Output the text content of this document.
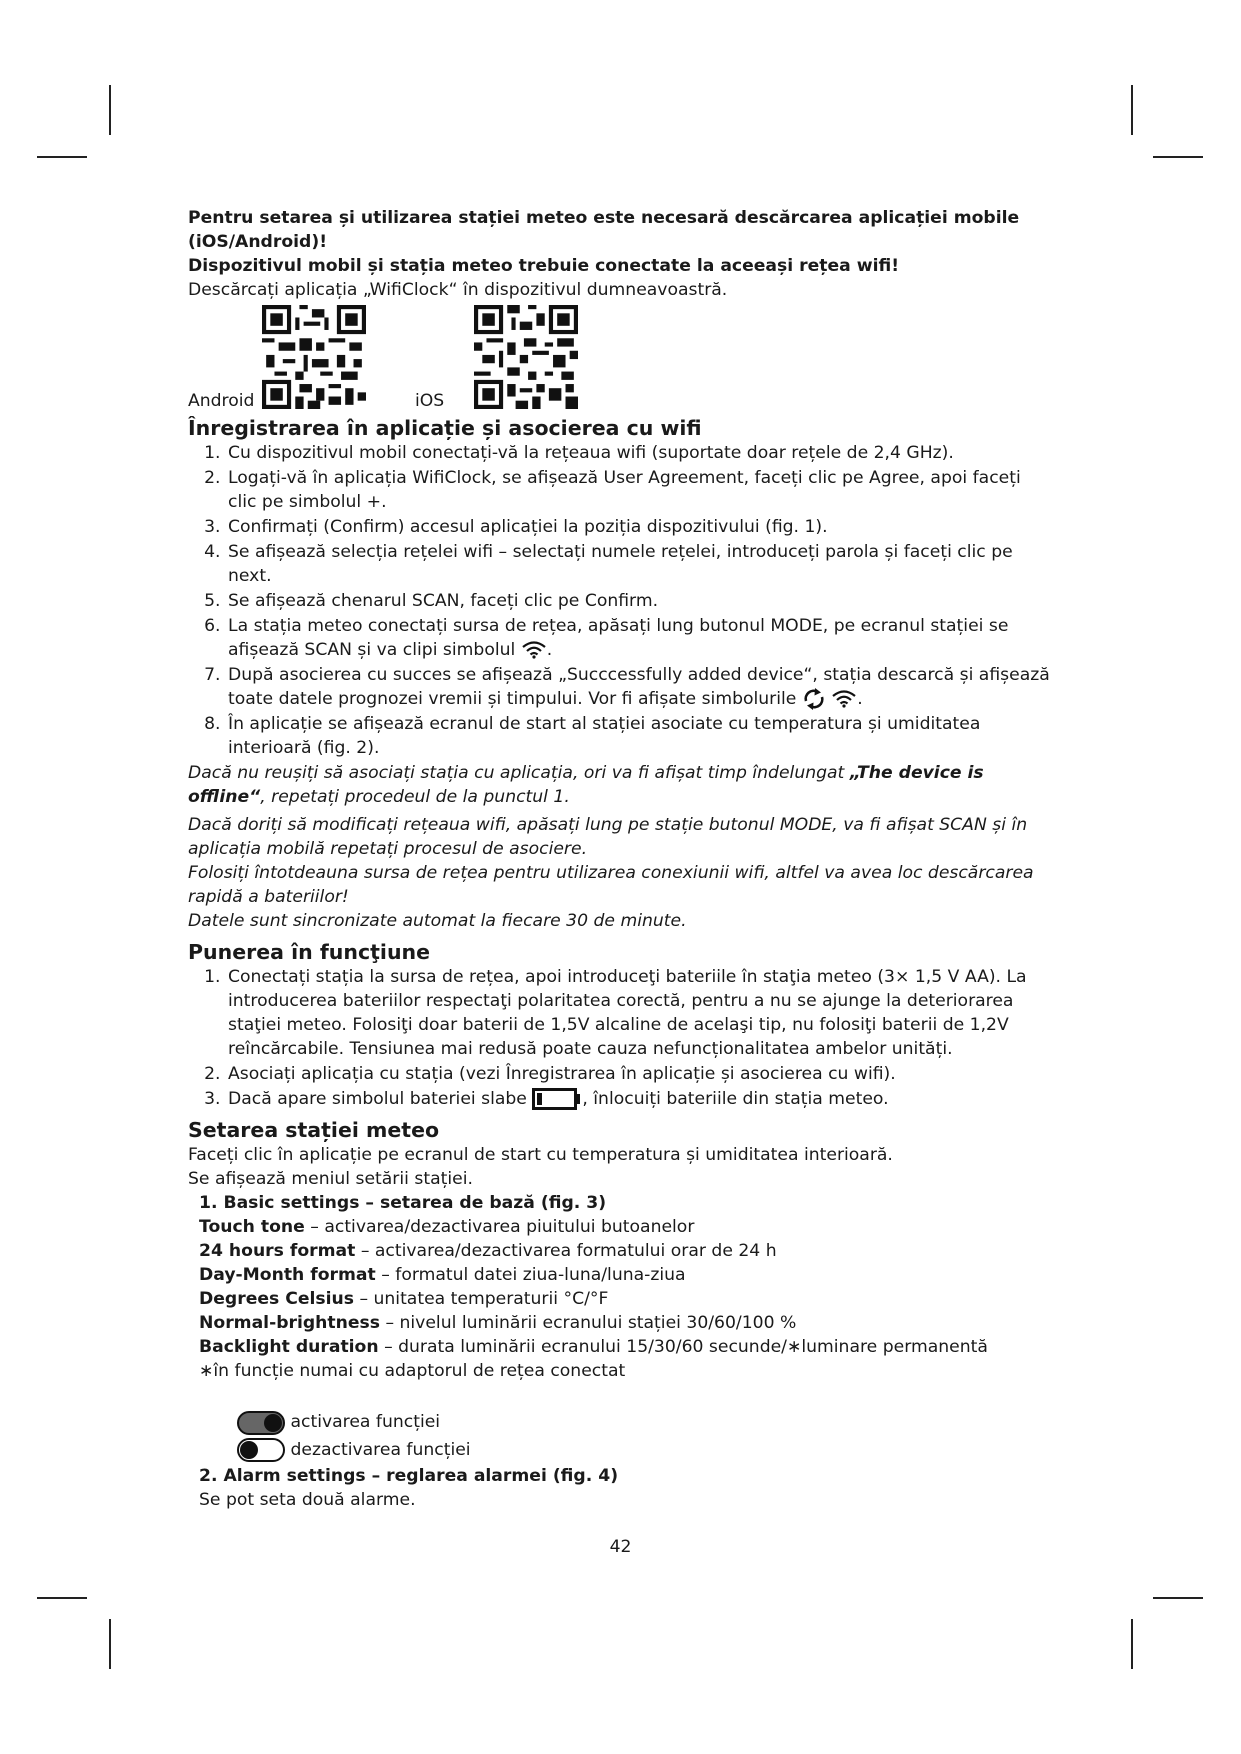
Pentru setarea și utilizarea stației meteo este necesară descărcarea aplicației mobile (iOS/Android)!

Dispozitivul mobil și stația meteo trebuie conectate la aceeași rețea wifi!

Descărcați aplicația „WifiClock“ în dispozitivul dumneavoastră.

Android	iOS
Înregistrarea în aplicație și asocierea cu wifi
1. Cu dispozitivul mobil conectați-vă la rețeaua wifi (suportate doar rețele de 2,4 GHz).
2. Logați-vă în aplicația WifiClock, se afișează User Agreement, faceți clic pe Agree, apoi faceți clic pe simbolul +.
3. Confirmați (Confirm) accesul aplicației la poziția dispozitivului (fig. 1).
4. Se afișează selecția rețelei wifi – selectați numele rețelei, introduceți parola și faceți clic pe next.
5. Se afișează chenarul SCAN, faceți clic pe Confirm.
6. La stația meteo conectați sursa de rețea, apăsați lung butonul MODE, pe ecranul stației se afișează SCAN și va clipi simbolul .
7. După asocierea cu succes se afișează „Succcessfully added device“, stația descarcă și afișează toate datele prognozei vremii și timpului. Vor fi afișate simbolurile	.
8. În aplicație se afișează ecranul de start al stației asociate cu temperatura și umiditatea interioară (fig. 2).

Dacă nu reușiți să asociați stația cu aplicația, ori va fi afișat timp îndelungat „The device is offline“, repetați procedeul de la punctul 1.

Dacă doriți să modificați rețeaua wifi, apăsați lung pe stație butonul MODE, va fi afișat SCAN și în aplicația mobilă repetați procesul de asociere.

Folosiți întotdeauna sursa de rețea pentru utilizarea conexiunii wifi, altfel va avea loc descărcarea rapidă a bateriilor!

Datele sunt sincronizate automat la fiecare 30 de minute.

Punerea în funcţiune
1. Conectați stația la sursa de rețea, apoi introduceţi bateriile în staţia meteo (3× 1,5 V AA). La introducerea bateriilor respectaţi polaritatea corectă, pentru a nu se ajunge la deteriorarea staţiei meteo. Folosiţi doar baterii de 1,5V alcaline de acelaşi tip, nu folosiţi baterii de 1,2V reîncărcabile. Tensiunea mai redusă poate cauza nefuncționalitatea ambelor unități.
2. Asociați aplicația cu stația (vezi Înregistrarea în aplicație și asocierea cu wifi).
3. Dacă apare simbolul bateriei slabe	, înlocuiți bateriile din stația meteo.
Setarea stației meteo

Faceți clic în aplicație pe ecranul de start cu temperatura și umiditatea interioară.

Se afișează meniul setării stației.

1. Basic settings – setarea de bază (fig. 3)

Touch tone – activarea/dezactivarea piuitului butoanelor

24 hours format – activarea/dezactivarea formatului orar de 24 h

Day-Month format – formatul datei ziua-luna/luna-ziua

Degrees Celsius – unitatea temperaturii °C/°F

Normal-brightness – nivelul luminării ecranului stației 30/60/100 %

Backlight duration – durata luminării ecranului 15/30/60 secunde/∗luminare permanentă

∗în funcție numai cu adaptorul de rețea conectat

activarea funcției
dezactivarea funcției

2. Alarm settings – reglarea alarmei (fig. 4)

Se pot seta două alarme.

42
